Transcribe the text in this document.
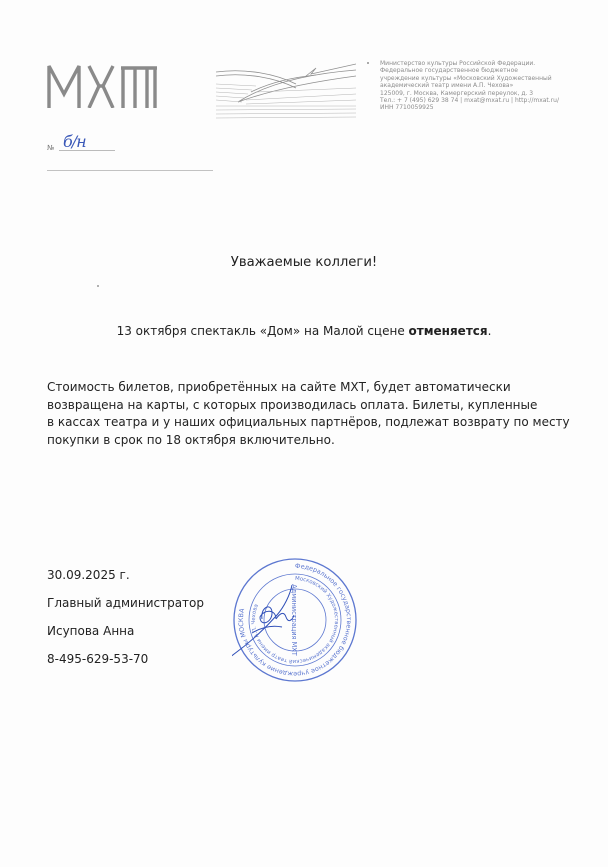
№ б/н
Министерство культуры Российской Федерации.
Федеральное государственное бюджетное
учреждение культуры «Московский Художественный
академический театр имени А.П. Чехова»
125009, г. Москва, Камергерский переулок, д. 3
Тел.: + 7 (495) 629 38 74 | mxat@mxat.ru | http://mxat.ru/
ИНН 7710059925
Уважаемые коллеги!
13 октября спектакль «Дом» на Малой сцене отменяется.
Стоимость билетов, приобретённых на сайте МХТ, будет автоматически
возвращена на карты, с которых производилась оплата. Билеты, купленные
в кассах театра и у наших официальных партнёров, подлежат возврату по месту
покупки в срок по 18 октября включительно.
30.09.2025 г.
Главный администратор
Исупова Анна
8-495-629-53-70
Федеральное государственное бюджетное учреждение культуры МОСКВА
Московский Художественный академический театр имени А.П. Чехова	Администрация МХТ
